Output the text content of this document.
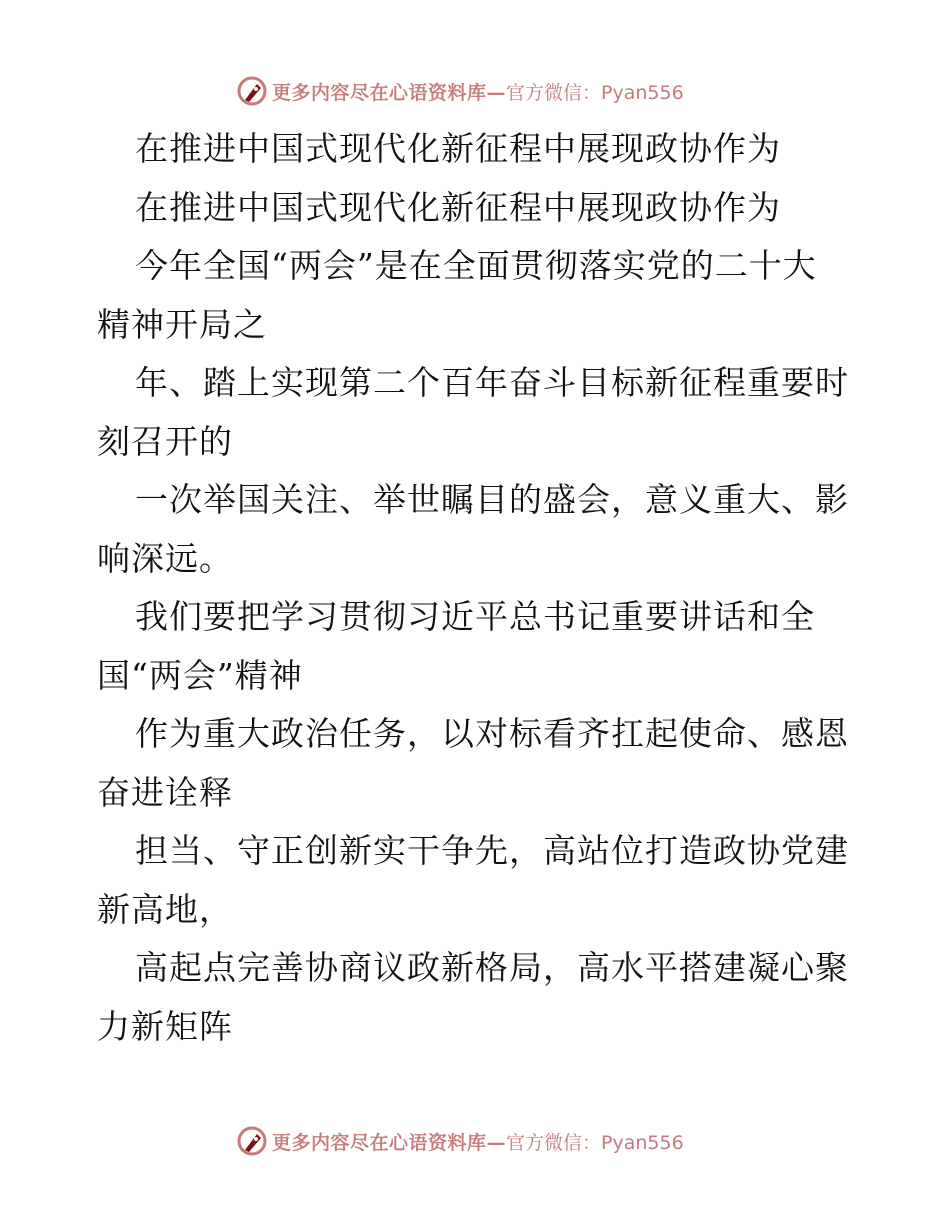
更多内容尽在心语资料库— 官方微信：Pyan556

在推进中国式现代化新征程中展现政协作为

在推进中国式现代化新征程中展现政协作为

今年全国“两会”是在全面贯彻落实党的二十大

精神开局之

年、踏上实现第二个百年奋斗目标新征程重要时

刻召开的

一次举国关注、举世瞩目的盛会，意义重大、影

响深远。

我们要把学习贯彻习近平总书记重要讲话和全

国“两会”精神

作为重大政治任务，以对标看齐扛起使命、感恩

奋进诠释

担当、守正创新实干争先，高站位打造政协党建

新高地，

高起点完善协商议政新格局，高水平搭建凝心聚

力新矩阵

更多内容尽在心语资料库— 官方微信：Pyan556
